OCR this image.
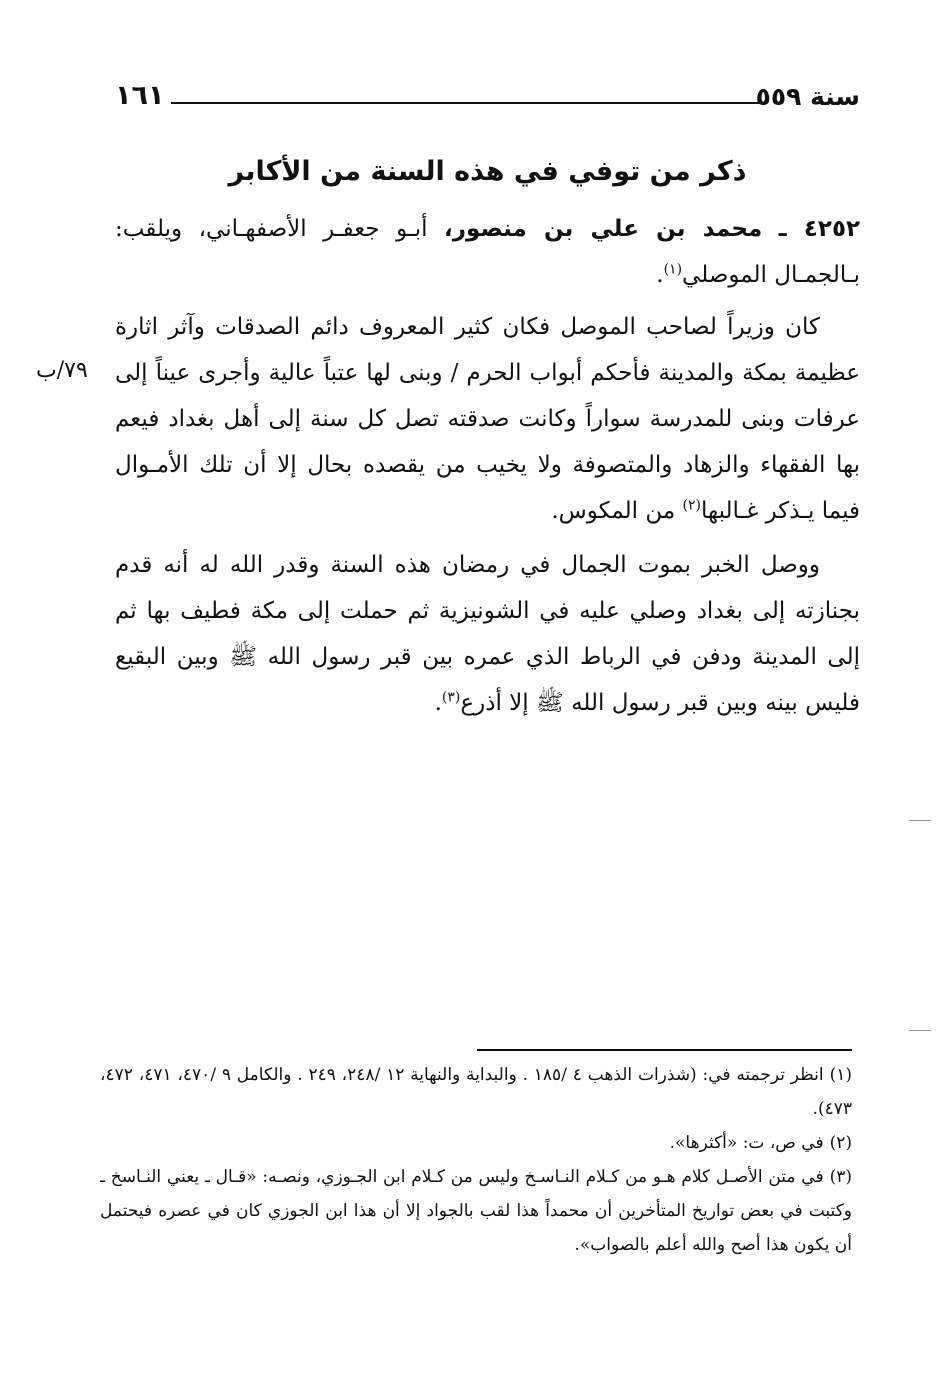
سنة ٥٥٩
١٦١
ذكر من توفي في هذه السنة من الأكابر
٤٢٥٢ ـ محمد بن علي بن منصور، أبـو جعفـر الأصفهـاني، ويلقب: بـالجمـال الموصلي$^{(١)}$.
كان وزيراً لصاحب الموصل فكان كثير المعروف دائم الصدقات وآثر اثارة عظيمة بمكة والمدينة فأحكم أبواب الحرم / وبنى لها عتباً عالية وأجرى عيناً إلى عرفات وبنى للمدرسة سواراً وكانت صدقته تصل كل سنة إلى أهل بغداد فيعم بها الفقهاء والزهاد والمتصوفة ولا يخيب من يقصده بحال إلا أن تلك الأمـوال فيما يـذكر غـالبها$^{(٢)}$ من المكوس.
٧٩/ب
ووصل الخبر بموت الجمال في رمضان هذه السنة وقدر الله له أنه قدم بجنازته إلى بغداد وصلي عليه في الشونيزية ثم حملت إلى مكة فطيف بها ثم إلى المدينة ودفن في الرباط الذي عمره بين قبر رسول الله ﷺ وبين البقيع فليس بينه وبين قبر رسول الله ﷺ إلا أذرع$^{(٣)}$.

(١)انظر ترجمته في: (شذرات الذهب ٤ /١٨٥ . والبداية والنهاية ١٢ /٢٤٨، ٢٤٩ . والكامل ٩ /٤٧٠، ٤٧١، ٤٧٢، ٤٧٣).

(٢)في ص، ت: «أكثرها».

(٣)في متن الأصـل كلام هـو من كـلام النـاسـخ وليس من كـلام ابن الجـوزي، ونصـه: «قـال ـ يعني النـاسخ ـ وكتبت في بعض تواريخ المتأخرين أن محمداً هذا لقب بالجواد إلا أن هذا ابن الجوزي كان في عصره فيحتمل أن يكون هذا أصح والله أعلم بالصواب».
